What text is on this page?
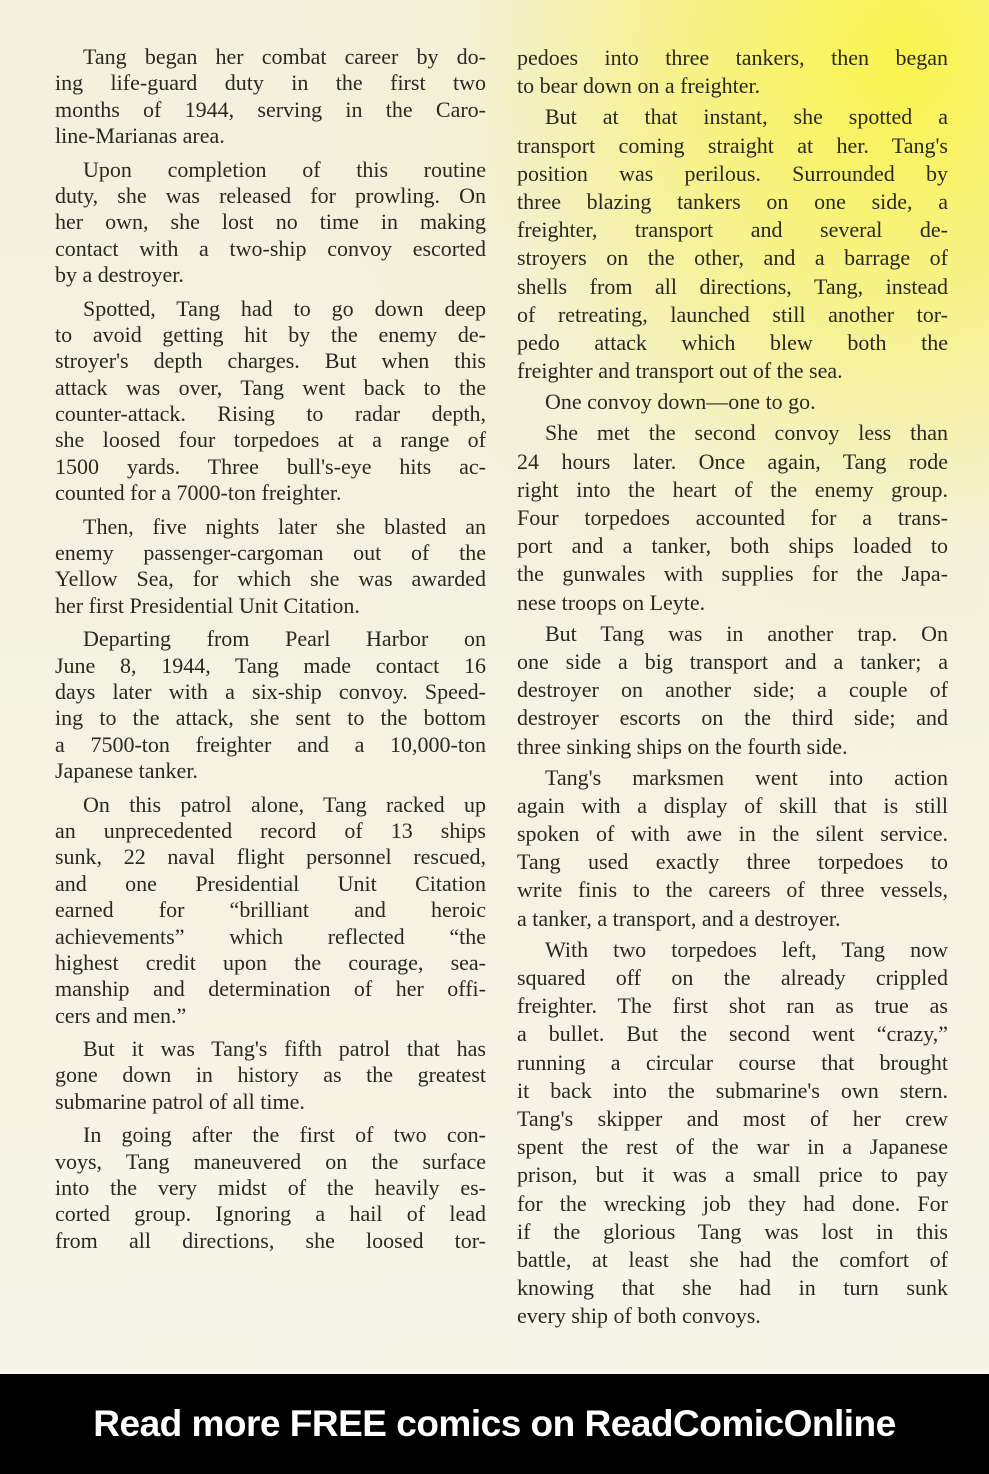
Tang began her combat career by do-
ing life-guard duty in the first two
months of 1944, serving in the Caro-
line-Marianas area.
Upon completion of this routine
duty, she was released for prowling. On
her own, she lost no time in making
contact with a two-ship convoy escorted
by a destroyer.
Spotted, Tang had to go down deep
to avoid getting hit by the enemy de-
stroyer's depth charges. But when this
attack was over, Tang went back to the
counter-attack. Rising to radar depth,
she loosed four torpedoes at a range of
1500 yards. Three bull's-eye hits ac-
counted for a 7000-ton freighter.
Then, five nights later she blasted an
enemy passenger-cargoman out of the
Yellow Sea, for which she was awarded
her first Presidential Unit Citation.
Departing from Pearl Harbor on
June 8, 1944, Tang made contact 16
days later with a six-ship convoy. Speed-
ing to the attack, she sent to the bottom
a 7500-ton freighter and a 10,000-ton
Japanese tanker.
On this patrol alone, Tang racked up
an unprecedented record of 13 ships
sunk, 22 naval flight personnel rescued,
and one Presidential Unit Citation
earned for “brilliant and heroic
achievements” which reflected “the
highest credit upon the courage, sea-
manship and determination of her offi-
cers and men.”
But it was Tang's fifth patrol that has
gone down in history as the greatest
submarine patrol of all time.
In going after the first of two con-
voys, Tang maneuvered on the surface
into the very midst of the heavily es-
corted group. Ignoring a hail of lead
from all directions, she loosed tor-
pedoes into three tankers, then began
to bear down on a freighter.
But at that instant, she spotted a
transport coming straight at her. Tang's
position was perilous. Surrounded by
three blazing tankers on one side, a
freighter, transport and several de-
stroyers on the other, and a barrage of
shells from all directions, Tang, instead
of retreating, launched still another tor-
pedo attack which blew both the
freighter and transport out of the sea.
One convoy down—one to go.
She met the second convoy less than
24 hours later. Once again, Tang rode
right into the heart of the enemy group.
Four torpedoes accounted for a trans-
port and a tanker, both ships loaded to
the gunwales with supplies for the Japa-
nese troops on Leyte.
But Tang was in another trap. On
one side a big transport and a tanker; a
destroyer on another side; a couple of
destroyer escorts on the third side; and
three sinking ships on the fourth side.
Tang's marksmen went into action
again with a display of skill that is still
spoken of with awe in the silent service.
Tang used exactly three torpedoes to
write finis to the careers of three vessels,
a tanker, a transport, and a destroyer.
With two torpedoes left, Tang now
squared off on the already crippled
freighter. The first shot ran as true as
a bullet. But the second went “crazy,”
running a circular course that brought
it back into the submarine's own stern.
Tang's skipper and most of her crew
spent the rest of the war in a Japanese
prison, but it was a small price to pay
for the wrecking job they had done. For
if the glorious Tang was lost in this
battle, at least she had the comfort of
knowing that she had in turn sunk
every ship of both convoys.
Read more FREE comics on ReadComicOnline
